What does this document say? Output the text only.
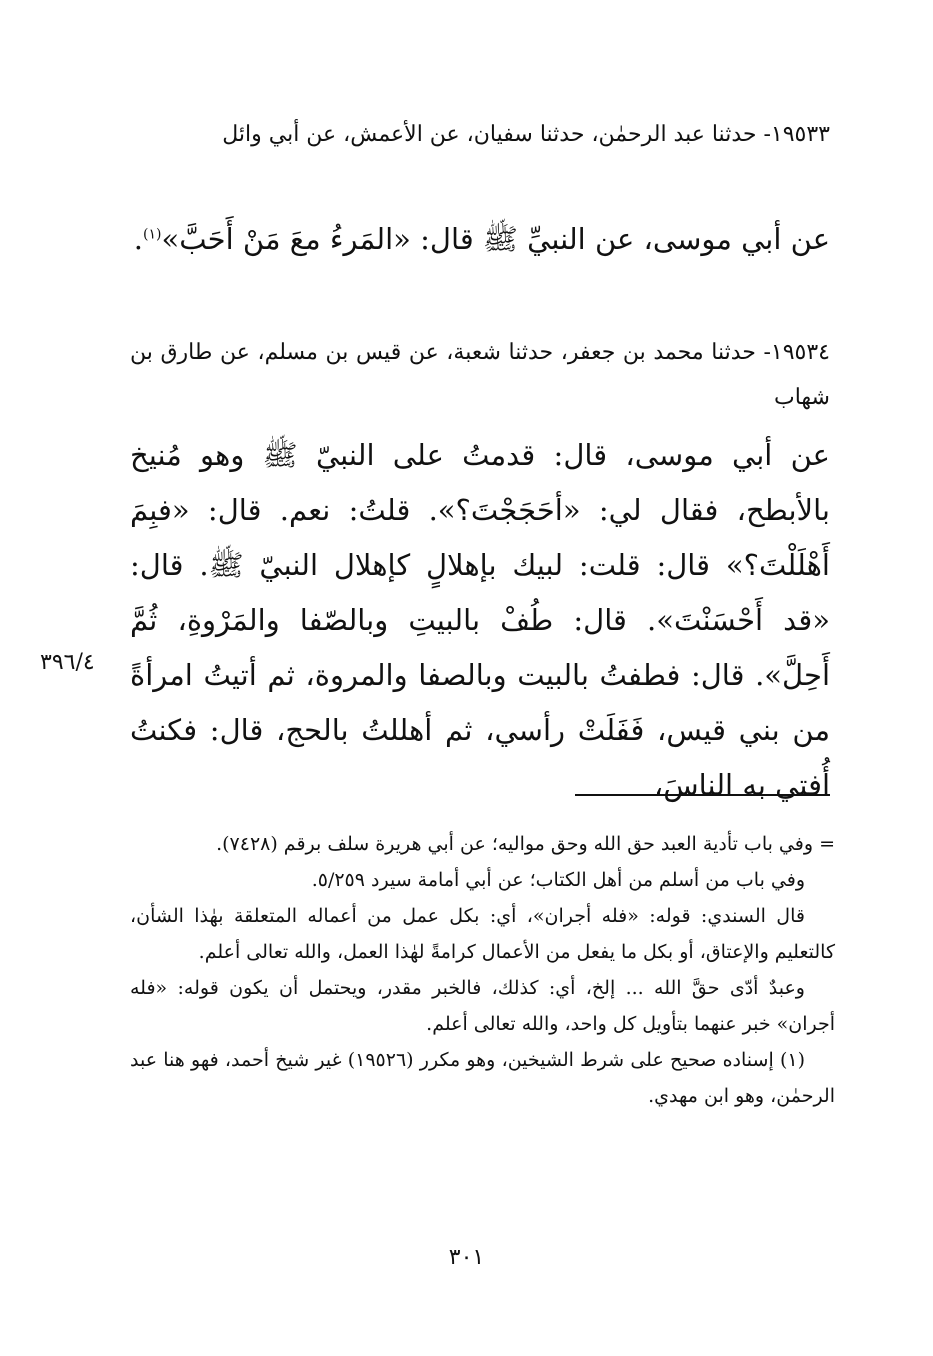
١٩٥٣٣- حدثنا عبد الرحمٰن، حدثنا سفيان، عن الأعمش، عن أبي وائل

عن أبي موسى، عن النبيِّ ﷺ قال: «المَرءُ معَ مَنْ أَحَبَّ»$^{(١)}$.

١٩٥٣٤- حدثنا محمد بن جعفر، حدثنا شعبة، عن قيس بن مسلم، عن طارق بن شهاب

عن أبي موسى، قال: قدمتُ على النبيّ ﷺ وهو مُنيخ بالأبطح، فقال لي: «أحَجَجْتَ؟». قلتُ: نعم. قال: «فبِمَ أَهْلَلْتَ؟» قال: قلت: لبيك بإهلالٍ كإهلال النبيّ ﷺ. قال: «قد أَحْسَنْتَ». قال: طُفْ بالبيتِ وبالصّفا والمَرْوةِ، ثُمَّ أَحِلَّ». قال: فطفتُ بالبيت وبالصفا والمروة، ثم أتيتُ امرأةً من بني قيس، فَفَلَتْ رأسي، ثم أهللتُ بالحج، قال: فكنتُ أُفتي به الناسَ،

٣٩٦/٤

= وفي باب تأدية العبد حق الله وحق مواليه؛ عن أبي هريرة سلف برقم (٧٤٢٨).

وفي باب من أسلم من أهل الكتاب؛ عن أبي أمامة سيرد ٥/٢٥٩.

قال السندي: قوله: «فله أجران»، أي: بكل عمل من أعماله المتعلقة بهٰذا الشأن، كالتعليم والإعتاق، أو بكل ما يفعل من الأعمال كرامةً لهٰذا العمل، والله تعالى أعلم.

وعبدٌ أدّى حقَّ الله ... إلخ، أي: كذلك، فالخبر مقدر، ويحتمل أن يكون قوله: «فله أجران» خبر عنهما بتأويل كل واحد، والله تعالى أعلم.

(١) إسناده صحيح على شرط الشيخين، وهو مكرر (١٩٥٢٦) غير شيخ أحمد، فهو هنا عبد الرحمٰن، وهو ابن مهدي.

٣٠١
